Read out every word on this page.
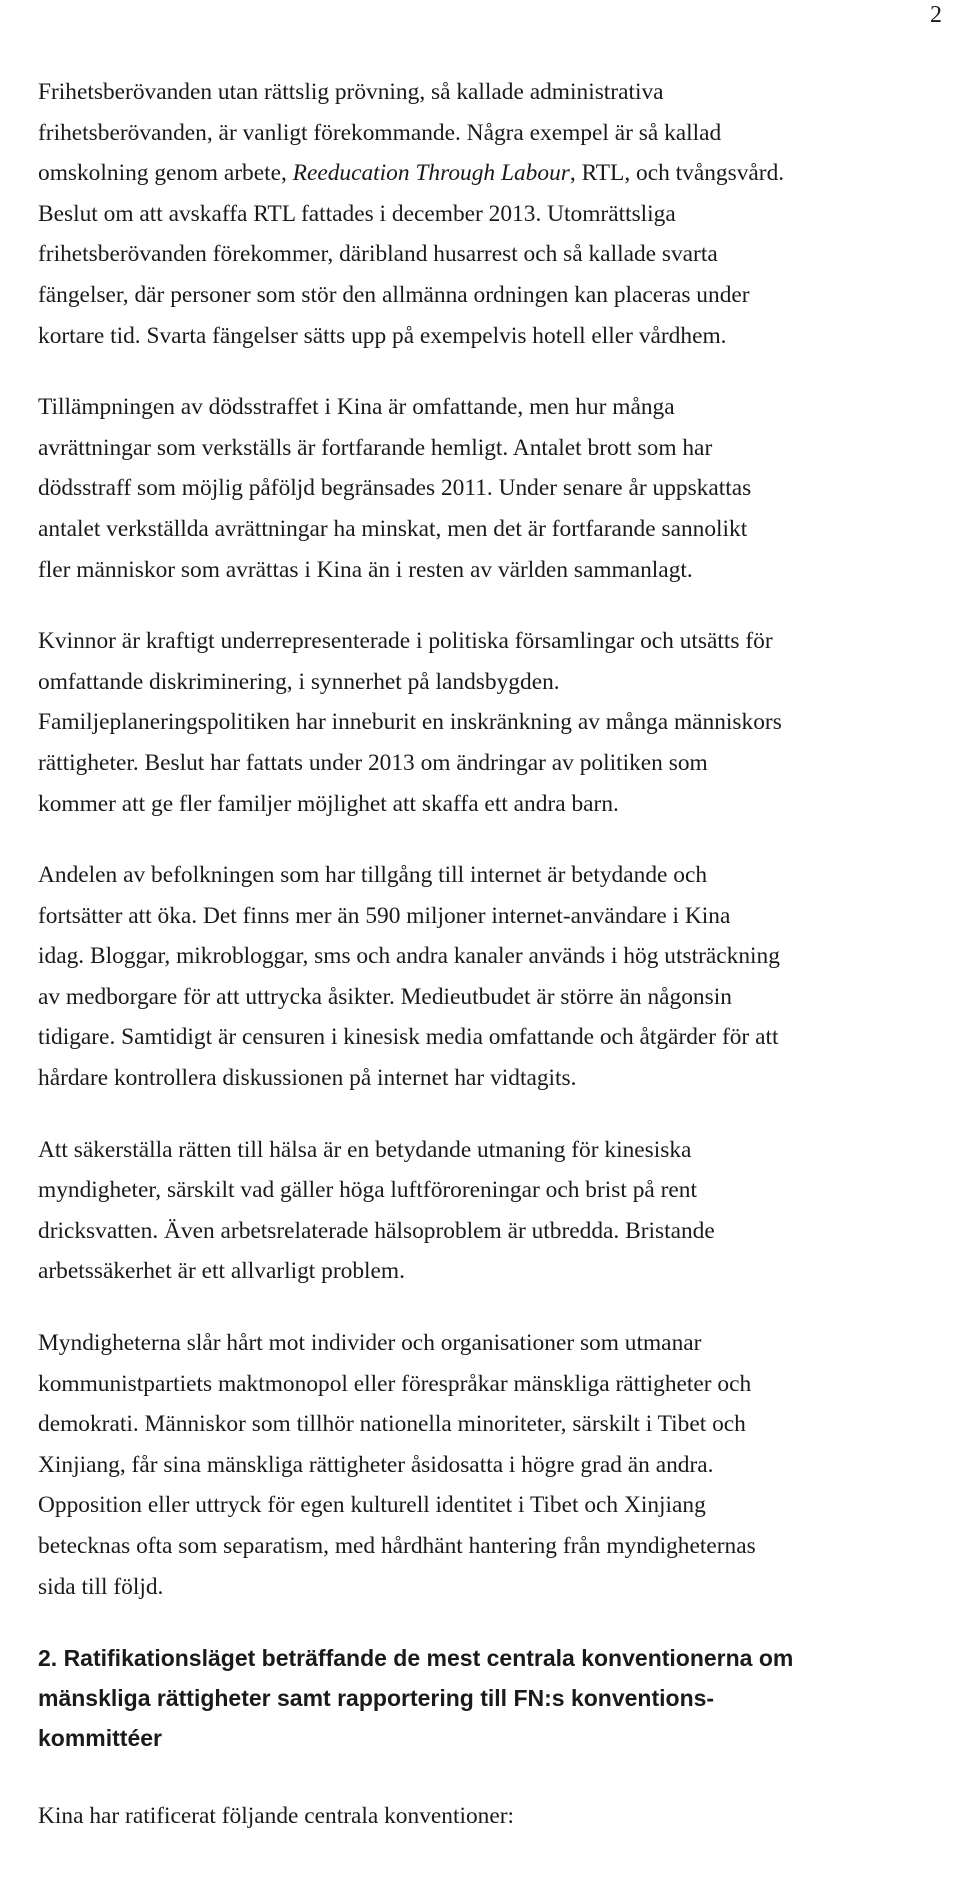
2
Frihetsberövanden utan rättslig prövning, så kallade administrativa
frihetsberövanden, är vanligt förekommande. Några exempel är så kallad
omskolning genom arbete, Reeducation Through Labour, RTL, och tvångsvård.
Beslut om att avskaffa RTL fattades i december 2013. Utomrättsliga
frihetsberövanden förekommer, däribland husarrest och så kallade svarta
fängelser, där personer som stör den allmänna ordningen kan placeras under
kortare tid. Svarta fängelser sätts upp på exempelvis hotell eller vårdhem.
Tillämpningen av dödsstraffet i Kina är omfattande, men hur många
avrättningar som verkställs är fortfarande hemligt. Antalet brott som har
dödsstraff som möjlig påföljd begränsades 2011. Under senare år uppskattas
antalet verkställda avrättningar ha minskat, men det är fortfarande sannolikt
fler människor som avrättas i Kina än i resten av världen sammanlagt.
Kvinnor är kraftigt underrepresenterade i politiska församlingar och utsätts för
omfattande diskriminering, i synnerhet på landsbygden.
Familjeplaneringspolitiken har inneburit en inskränkning av många människors
rättigheter. Beslut har fattats under 2013 om ändringar av politiken som
kommer att ge fler familjer möjlighet att skaffa ett andra barn.
Andelen av befolkningen som har tillgång till internet är betydande och
fortsätter att öka. Det finns mer än 590 miljoner internet-användare i Kina
idag. Bloggar, mikrobloggar, sms och andra kanaler används i hög utsträckning
av medborgare för att uttrycka åsikter. Medieutbudet är större än någonsin
tidigare. Samtidigt är censuren i kinesisk media omfattande och åtgärder för att
hårdare kontrollera diskussionen på internet har vidtagits.
Att säkerställa rätten till hälsa är en betydande utmaning för kinesiska
myndigheter, särskilt vad gäller höga luftföroreningar och brist på rent
dricksvatten. Även arbetsrelaterade hälsoproblem är utbredda. Bristande
arbetssäkerhet är ett allvarligt problem.
Myndigheterna slår hårt mot individer och organisationer som utmanar
kommunistpartiets maktmonopol eller förespråkar mänskliga rättigheter och
demokrati. Människor som tillhör nationella minoriteter, särskilt i Tibet och
Xinjiang, får sina mänskliga rättigheter åsidosatta i högre grad än andra.
Opposition eller uttryck för egen kulturell identitet i Tibet och Xinjiang
betecknas ofta som separatism, med hårdhänt hantering från myndigheternas
sida till följd.
2. Ratifikationsläget beträffande de mest centrala konventionerna om
mänskliga rättigheter samt rapportering till FN:s konventions-
kommittéer
Kina har ratificerat följande centrala konventioner:
